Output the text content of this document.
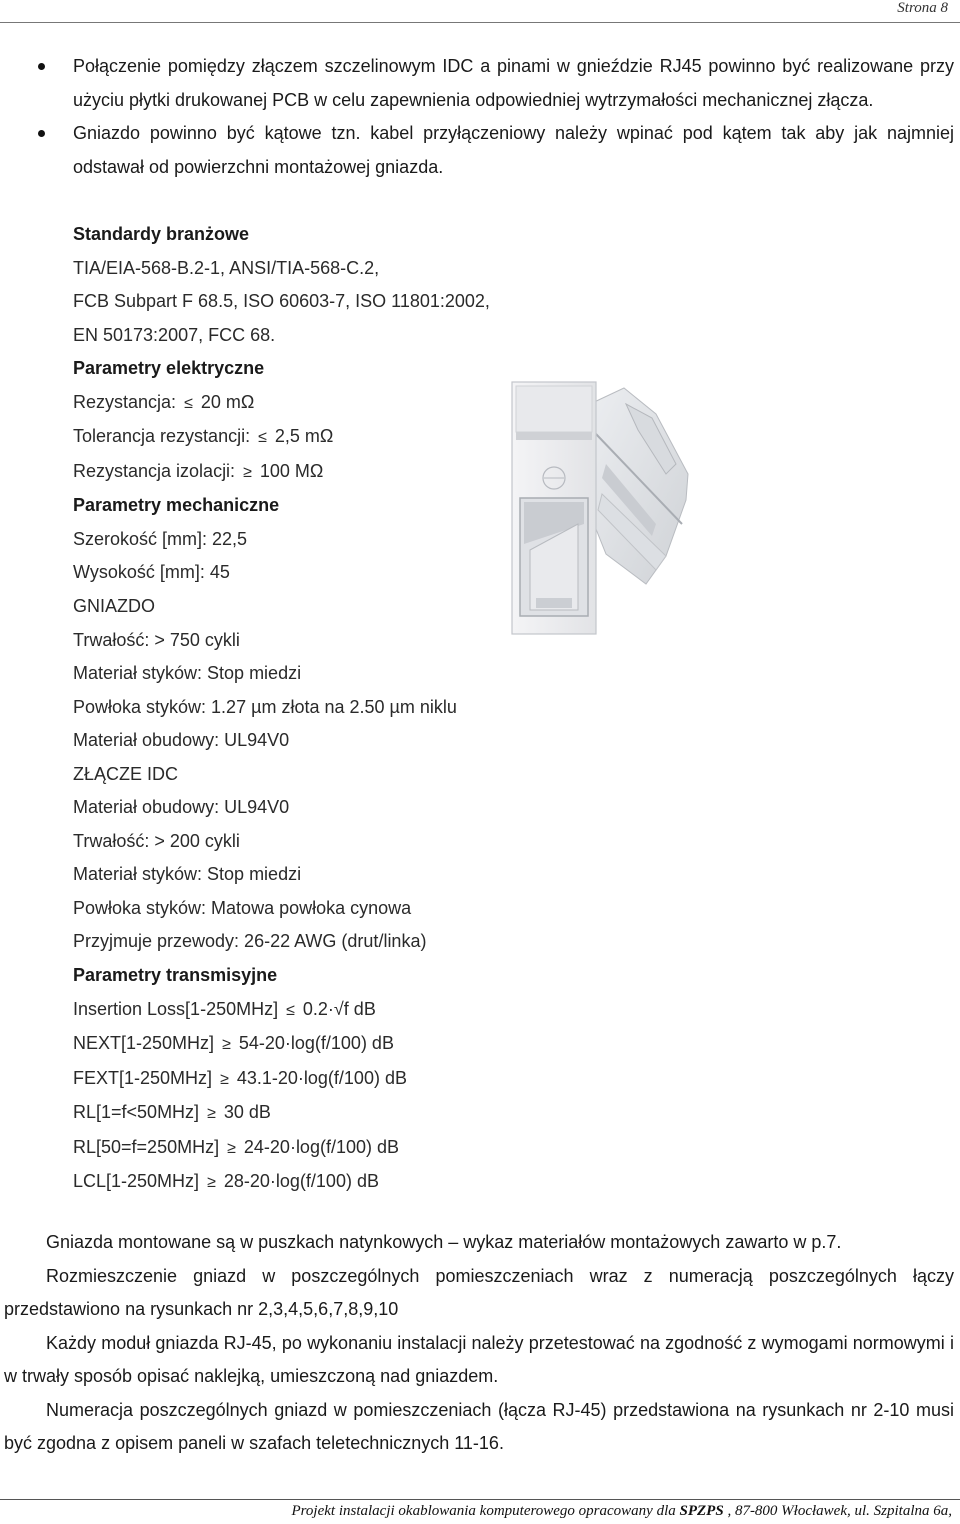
Strona 8
Połączenie pomiędzy złączem szczelinowym IDC a pinami w gnieździe RJ45 powinno być realizowane przy użyciu płytki drukowanej PCB w celu zapewnienia odpowiedniej wytrzymałości mechanicznej złącza.
Gniazdo powinno być kątowe tzn. kabel przyłączeniowy należy wpinać pod kątem tak aby jak najmniej odstawał od powierzchni montażowej gniazda.
Standardy branżowe
TIA/EIA-568-B.2-1, ANSI/TIA-568-C.2,
FCB Subpart F 68.5, ISO 60603-7, ISO 11801:2002,
EN 50173:2007, FCC 68.
Parametry elektryczne
Rezystancja: ≤ 20 mΩ
Tolerancja rezystancji: ≤ 2,5 mΩ
Rezystancja izolacji: ≥ 100 MΩ
Parametry mechaniczne
Szerokość [mm]: 22,5
Wysokość [mm]: 45
GNIAZDO
Trwałość: > 750 cykli
Materiał styków: Stop miedzi
Powłoka styków: 1.27 µm złota na 2.50 µm niklu
Materiał obudowy: UL94V0
ZŁĄCZE IDC
Materiał obudowy: UL94V0
Trwałość: > 200 cykli
Materiał styków: Stop miedzi
Powłoka styków: Matowa powłoka cynowa
Przyjmuje przewody: 26-22 AWG (drut/linka)
Parametry transmisyjne
Insertion Loss[1-250MHz] ≤ 0.2·√f dB
NEXT[1-250MHz] ≥ 54-20·log(f/100) dB
FEXT[1-250MHz] ≥ 43.1-20·log(f/100) dB
RL[1=f<50MHz] ≥ 30 dB
RL[50=f=250MHz] ≥ 24-20·log(f/100) dB
LCL[1-250MHz] ≥ 28-20·log(f/100) dB

Gniazda montowane są w puszkach natynkowych – wykaz materiałów montażowych zawarto w p.7.

Rozmieszczenie gniazd w poszczególnych pomieszczeniach wraz z numeracją poszczególnych łączy przedstawiono na rysunkach nr 2,3,4,5,6,7,8,9,10

Każdy moduł gniazda RJ-45, po wykonaniu instalacji należy przetestować na zgodność z wymogami normowymi i w trwały sposób opisać naklejką, umieszczoną nad gniazdem.

Numeracja poszczególnych gniazd w pomieszczeniach (łącza RJ-45) przedstawiona na rysunkach nr 2-10 musi być zgodna z opisem paneli w szafach teletechnicznych 11-16.

Projekt instalacji okablowania komputerowego opracowany dla SPZPS , 87-800 Włocławek, ul. Szpitalna 6a,
